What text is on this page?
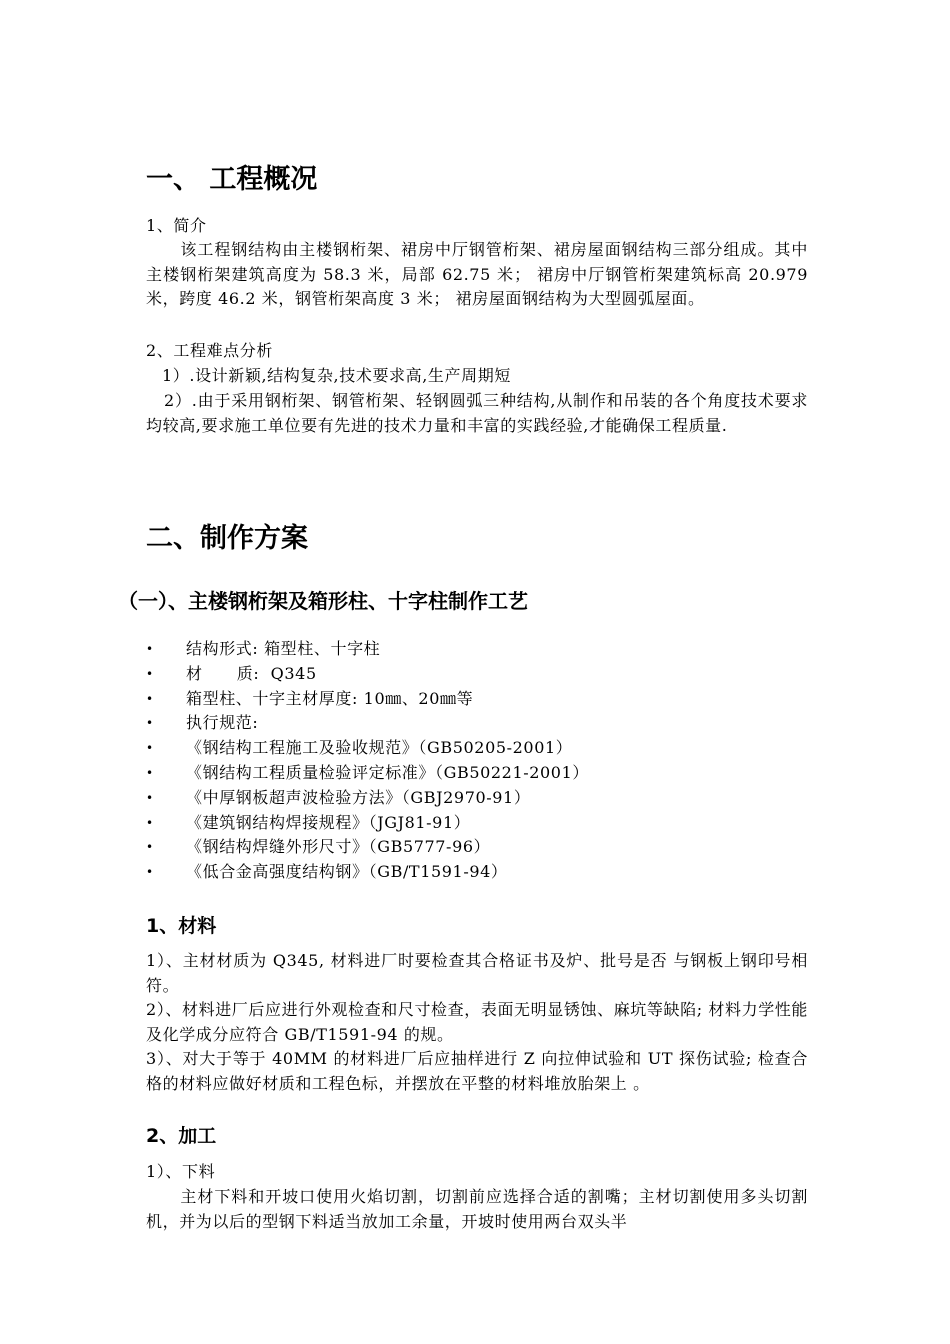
一、 工程概况

1、简介

该工程钢结构由主楼钢桁架、裙房中厅钢管桁架、裙房屋面钢结构三部分组成。其中主楼钢桁架建筑高度为 58.3 米，局部 62.75 米； 裙房中厅钢管桁架建筑标高 20.979 米，跨度 46.2 米，钢管桁架高度 3 米； 裙房屋面钢结构为大型圆弧屋面。

2、工程难点分析

1）.设计新颖,结构复杂,技术要求高,生产周期短

2）.由于采用钢桁架、钢管桁架、轻钢圆弧三种结构,从制作和吊装的各个角度技术要求均较高,要求施工单位要有先进的技术力量和丰富的实践经验,才能确保工程质量.

二、制作方案
（一）、主楼钢桁架及箱形柱、十字柱制作工艺
• 结构形式: 箱型柱、十字柱
• 材      质:  Q345
• 箱型柱、十字主材厚度: 10㎜、20㎜等
• 执行规范:
• 《钢结构工程施工及验收规范》（GB50205-2001）
• 《钢结构工程质量检验评定标准》（GB50221-2001）
• 《中厚钢板超声波检验方法》（GBJ2970-91）
• 《建筑钢结构焊接规程》（JGJ81-91）
• 《钢结构焊缝外形尺寸》（GB5777-96）
• 《低合金高强度结构钢》（GB/T1591-94）
1、材料

1）、主材材质为 Q345, 材料进厂时要检查其合格证书及炉、批号是否 与钢板上钢印号相符。

2）、材料进厂后应进行外观检查和尺寸检查，表面无明显锈蚀、麻坑等缺陷; 材料力学性能及化学成分应符合 GB/T1591-94 的规。

3）、对大于等于 40MM 的材料进厂后应抽样进行 Z 向拉伸试验和 UT 探伤试验; 检查合格的材料应做好材质和工程色标，并摆放在平整的材料堆放胎架上 。

2、加工

1）、下料

主材下料和开坡口使用火焰切割，切割前应选择合适的割嘴；主材切割使用多头切割机，并为以后的型钢下料适当放加工余量，开坡时使用两台双头半
